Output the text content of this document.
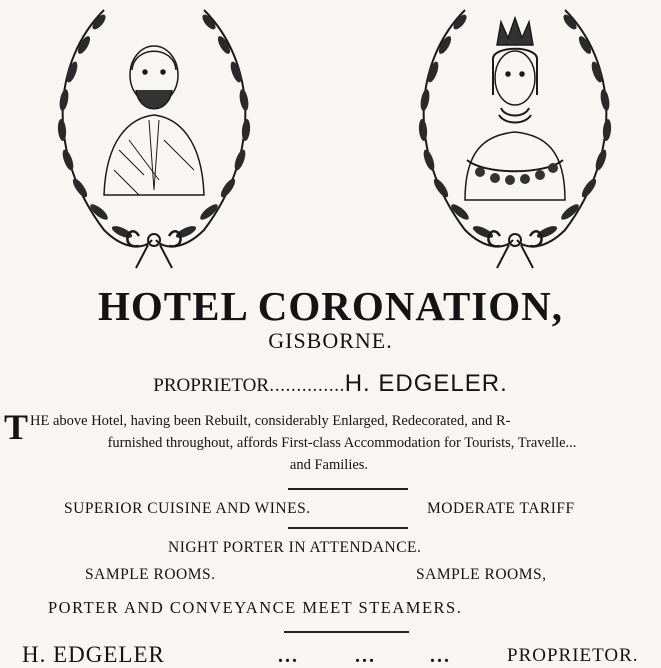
HOTEL CORONATION,
GISBORNE.
PROPRIETOR..............H. EDGELER.
T HE above Hotel, having been Rebuilt, considerably Enlarged, Redecorated, and R-

furnished throughout, affords First-class Accommodation for Tourists, Travelle...
and Families.
SUPERIOR CUISINE AND WINES.	MODERATE TARIFF
NIGHT PORTER IN ATTENDANCE.
SAMPLE ROOMS.	SAMPLE ROOMS,
PORTER AND CONVEYANCE MEET STEAMERS.
H. EDGELER	...	...	...	PROPRIETOR.
